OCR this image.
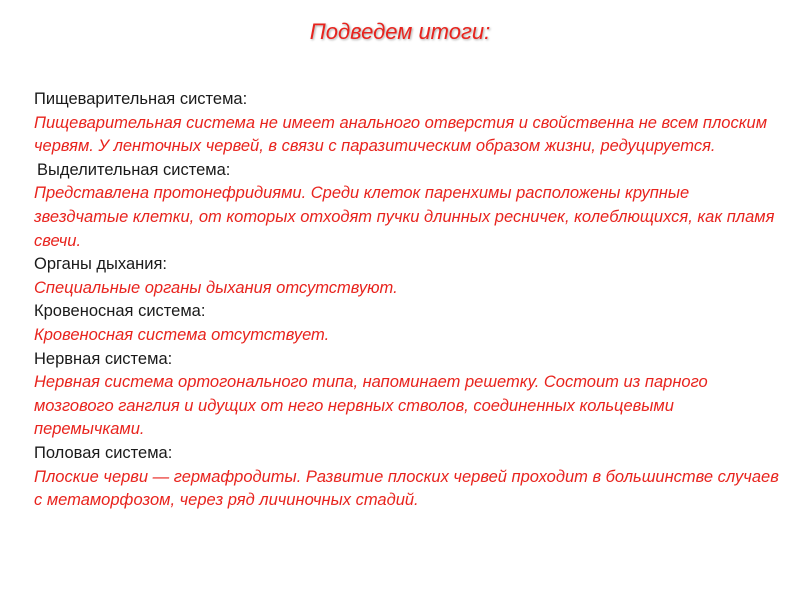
Подведем итоги:

Пищеварительная система:

Пищеварительная система не имеет анального отверстия и свойственна не всем плоским червям. У ленточных червей, в связи с паразитическим образом жизни, редуцируется.

Выделительная система:

Представлена протонефридиями. Среди клеток паренхимы расположены крупные звездчатые клетки, от которых отходят пучки длинных ресничек, колеблющихся, как пламя свечи.

Органы дыхания:

Специальные органы дыхания отсутствуют.

Кровеносная система:

Кровеносная система отсутствует.

Нервная система:

Нервная система ортогонального типа, напоминает решетку. Состоит из парного мозгового ганглия и идущих от него нервных стволов, соединенных кольцевыми перемычками.

Половая система:

Плоские черви — гермафродиты. Развитие плоских червей проходит в большинстве случаев с метаморфозом, через ряд личиночных стадий.
